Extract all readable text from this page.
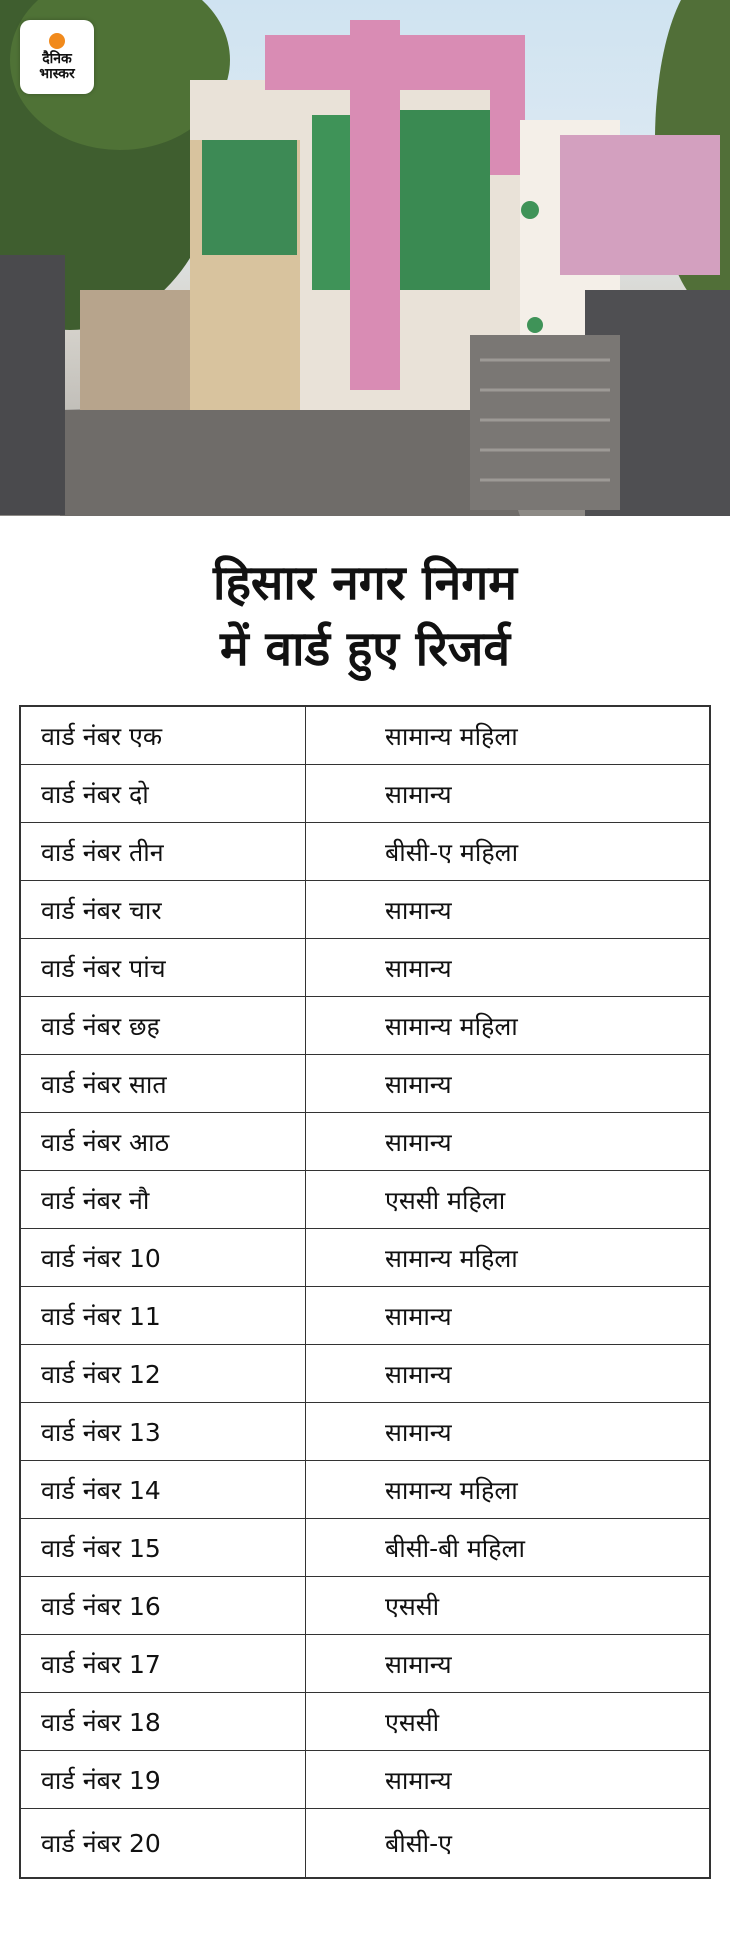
दैनिक
भास्कर
हिसार नगर निगम
में वार्ड हुए रिजर्व
वार्ड नंबर एक	सामान्य महिला
वार्ड नंबर दो	सामान्य
वार्ड नंबर तीन	बीसी-ए महिला
वार्ड नंबर चार	सामान्य
वार्ड नंबर पांच	सामान्य
वार्ड नंबर छह	सामान्य महिला
वार्ड नंबर सात	सामान्य
वार्ड नंबर आठ	सामान्य
वार्ड नंबर नौ	एससी महिला
वार्ड नंबर 10	सामान्य महिला
वार्ड नंबर 11	सामान्य
वार्ड नंबर 12	सामान्य
वार्ड नंबर 13	सामान्य
वार्ड नंबर 14	सामान्य महिला
वार्ड नंबर 15	बीसी-बी महिला
वार्ड नंबर 16	एससी
वार्ड नंबर 17	सामान्य
वार्ड नंबर 18	एससी
वार्ड नंबर 19	सामान्य
वार्ड नंबर 20	बीसी-ए
